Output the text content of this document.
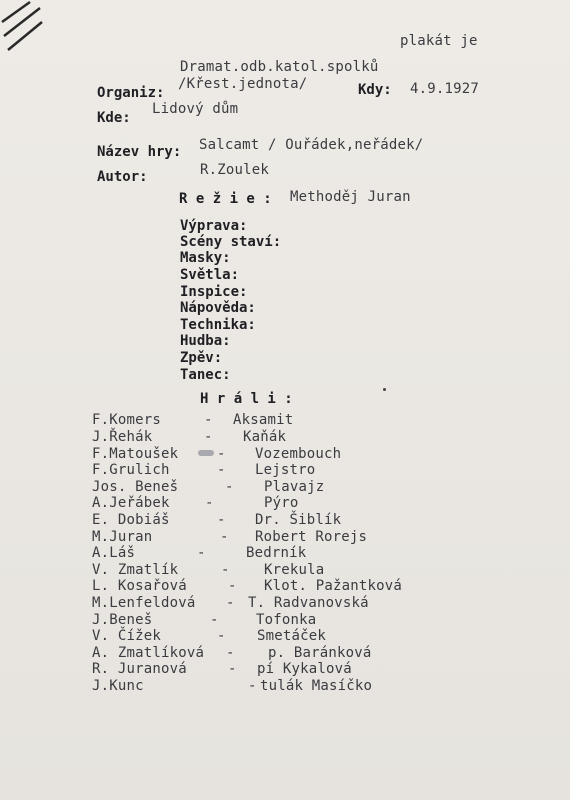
plakát je
Dramat.odb.katol.spolků
Organiz:
/Křest.jednota/	Kdy: 4.9.1927
Kde:
Lidový dům
Název hry: Salcamt / Ouřádek,neřádek/
Autor:	R.Zoulek
R e ž i e : Methoděj Juran
Výprava:
Scény staví:
Masky:
Světla:
Inspice:
Nápověda:
Technika:
Hudba:
Zpěv:
Tanec:
H r á l i :
F.Komers	- Aksamit
J.Řehák	- Kaňák
F.Matoušek	- Vozembouch
F.Grulich	- Lejstro
Jos. Beneš	- Plavajz
A.Jeřábek	-	Pýro
E. Dobiáš	- Dr. Šiblík
M.Juran	- Robert Rorejs
A.Láš	-	Bedrník
V. Zmatlík	- Krekula
L. Kosařová	- Klot. Pažantková
M.Lenfeldová - T. Radvanovská
J.Beneš	-	Tofonka
V. Čížek	- Smetáček
A. Zmatlíková - p. Baránková
R. Juranová	- pí Kykalová
J.Kunc	- tulák Masíčko
